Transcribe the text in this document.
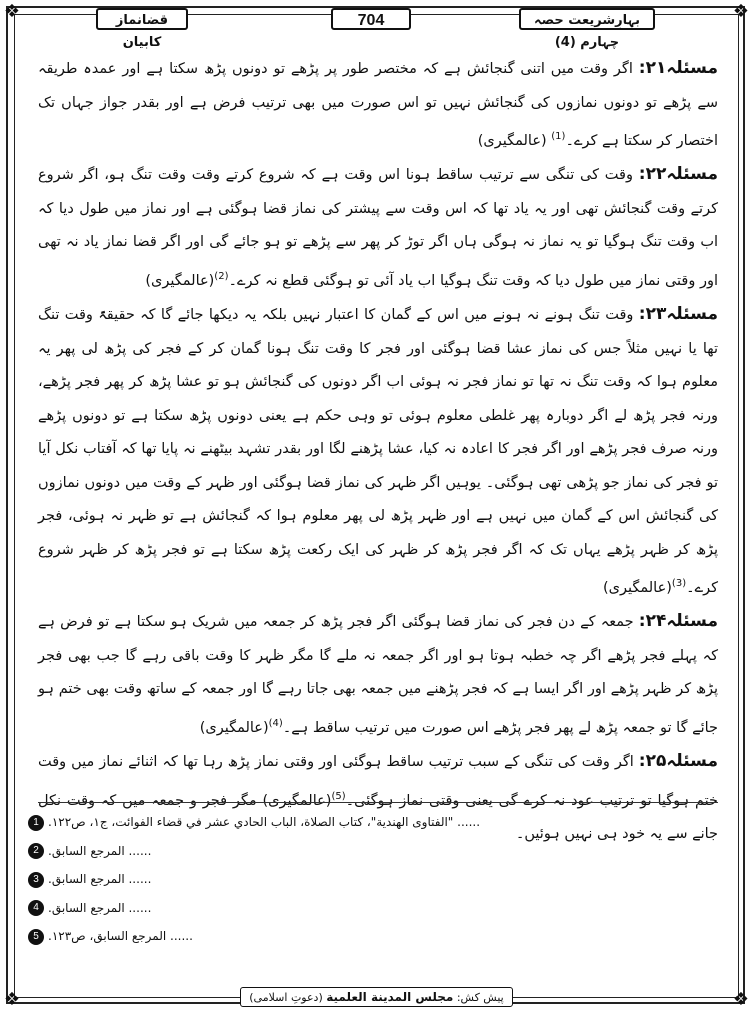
❖	❖
❖	❖
قضانماز کابیان
704	بہارِشریعت حصہ چہارم (4)

مسئلہ۲۱: اگر وقت میں اتنی گنجائش ہے کہ مختصر طور پر پڑھے تو دونوں پڑھ سکتا ہے اور عمدہ طریقہ سے پڑھے تو دونوں نمازوں کی گنجائش نہیں تو اس صورت میں بھی ترتیب فرض ہے اور بقدر جواز جہاں تک اختصار کر سکتا ہے کرے۔$^{(1)}$ (عالمگیری)

مسئلہ۲۲: وقت کی تنگی سے ترتیب ساقط ہونا اس وقت ہے کہ شروع کرتے وقت وقت تنگ ہو، اگر شروع کرتے وقت گنجائش تھی اور یہ یاد تھا کہ اس وقت سے پیشتر کی نماز قضا ہوگئی ہے اور نماز میں طول دیا کہ اب وقت تنگ ہوگیا تو یہ نماز نہ ہوگی ہاں اگر توڑ کر پھر سے پڑھے تو ہو جائے گی اور اگر قضا نماز یاد نہ تھی اور وقتی نماز میں طول دیا کہ وقت تنگ ہوگیا اب یاد آئی تو ہوگئی قطع نہ کرے۔$^{(2)}$(عالمگیری)

مسئلہ۲۳: وقت تنگ ہونے نہ ہونے میں اس کے گمان کا اعتبار نہیں بلکہ یہ دیکھا جائے گا کہ حقیقۃً وقت تنگ تھا یا نہیں مثلاً جس کی نماز عشا قضا ہوگئی اور فجر کا وقت تنگ ہونا گمان کر کے فجر کی پڑھ لی پھر یہ معلوم ہوا کہ وقت تنگ نہ تھا تو نماز فجر نہ ہوئی اب اگر دونوں کی گنجائش ہو تو عشا پڑھ کر پھر فجر پڑھے، ورنہ فجر پڑھ لے اگر دوبارہ پھر غلطی معلوم ہوئی تو وہی حکم ہے یعنی دونوں پڑھ سکتا ہے تو دونوں پڑھے ورنہ صرف فجر پڑھے اور اگر فجر کا اعادہ نہ کیا، عشا پڑھنے لگا اور بقدر تشہد بیٹھنے نہ پایا تھا کہ آفتاب نکل آیا تو فجر کی نماز جو پڑھی تھی ہوگئی۔ یوہیں اگر ظہر کی نماز قضا ہوگئی اور ظہر کے وقت میں دونوں نمازوں کی گنجائش اس کے گمان میں نہیں ہے اور ظہر پڑھ لی پھر معلوم ہوا کہ گنجائش ہے تو ظہر نہ ہوئی، فجر پڑھ کر ظہر پڑھے یہاں تک کہ اگر فجر پڑھ کر ظہر کی ایک رکعت پڑھ سکتا ہے تو فجر پڑھ کر ظہر شروع کرے۔$^{(3)}$(عالمگیری)

مسئلہ۲۴: جمعہ کے دن فجر کی نماز قضا ہوگئی اگر فجر پڑھ کر جمعہ میں شریک ہو سکتا ہے تو فرض ہے کہ پہلے فجر پڑھے اگر چہ خطبہ ہوتا ہو اور اگر جمعہ نہ ملے گا مگر ظہر کا وقت باقی رہے گا جب بھی فجر پڑھ کر ظہر پڑھے اور اگر ایسا ہے کہ فجر پڑھنے میں جمعہ بھی جاتا رہے گا اور جمعہ کے ساتھ وقت بھی ختم ہو جائے گا تو جمعہ پڑھ لے پھر فجر پڑھے اس صورت میں ترتیب ساقط ہے۔$^{(4)}$(عالمگیری)

مسئلہ۲۵: اگر وقت کی تنگی کے سبب ترتیب ساقط ہوگئی اور وقتی نماز پڑھ رہا تھا کہ اثنائے نماز میں وقت ختم ہوگیا تو ترتیب عود نہ کرے گی یعنی وقتی نماز ہوگئی۔$^{(5)}$(عالمگیری) مگر فجر و جمعہ میں کہ وقت نکل جانے سے یہ خود ہی نہیں ہوئیں۔

1 ...... "الفتاوى الهندية"، كتاب الصلاة، الباب الحادي عشر في قضاء الفوائت، ج١، ص١٢٢.
2 ...... المرجع السابق.
3 ...... المرجع السابق.
4 ...... المرجع السابق.
5 ...... المرجع السابق، ص١٢٣.
پیش کش: مجلس المدينة العلمية (دعوتِ اسلامی)
